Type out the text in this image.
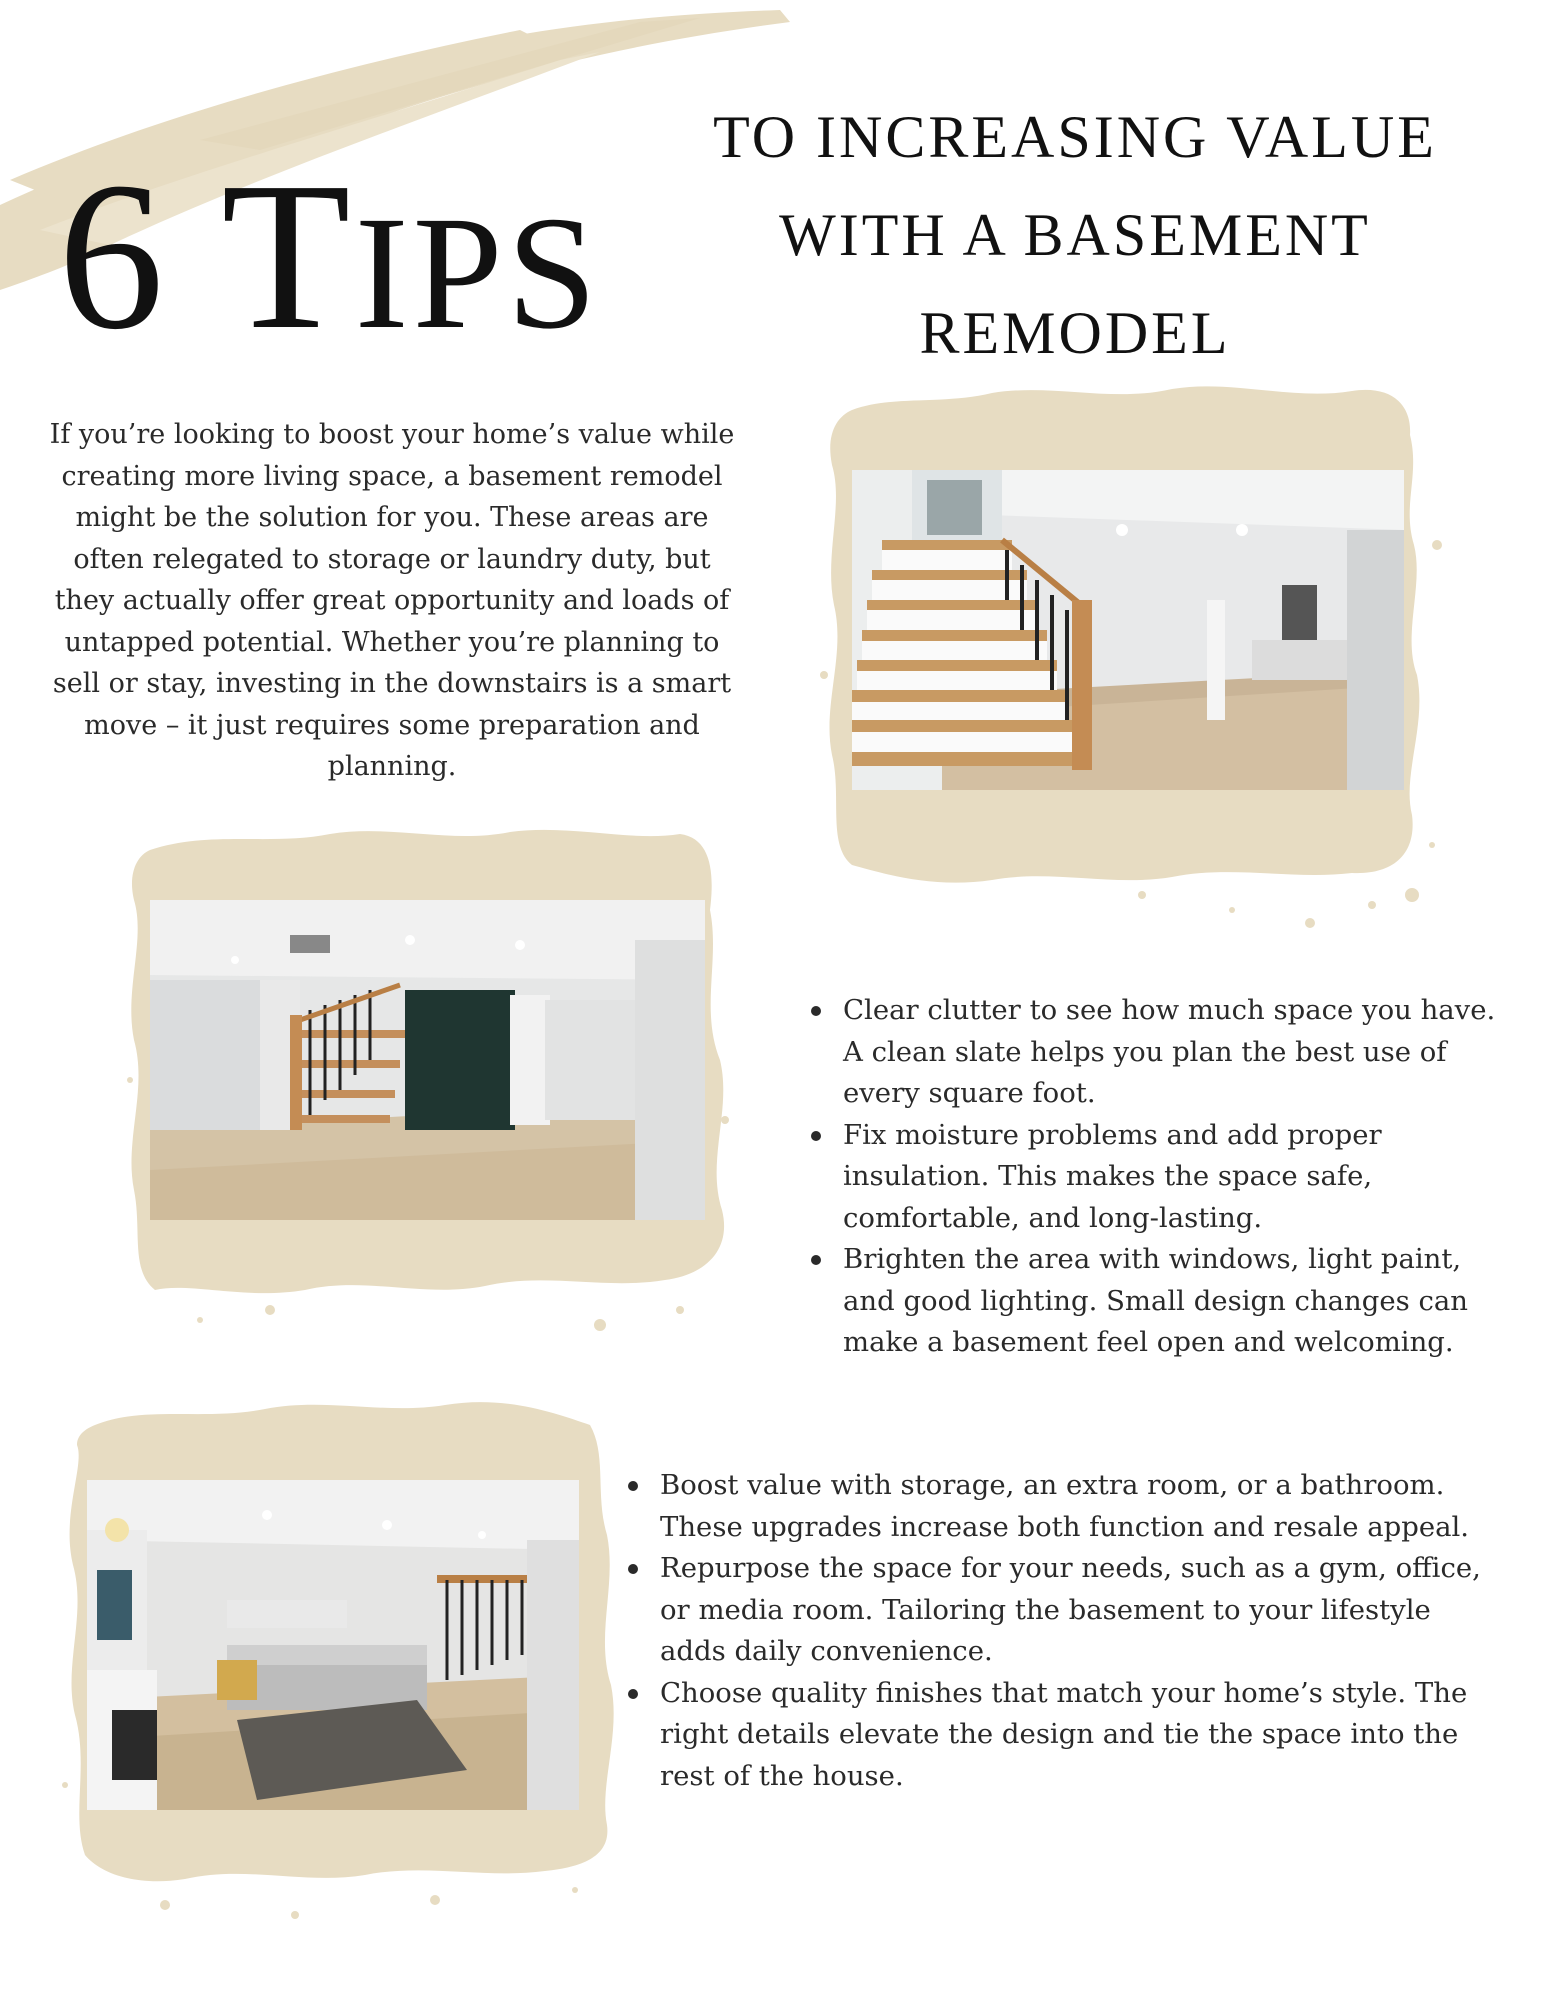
6 TIPS
TO INCREASING VALUE
WITH A BASEMENT
REMODEL
If you’re looking to boost your home’s value while creating more living space, a basement remodel might be the solution for you. These areas are often relegated to storage or laundry duty, but they actually offer great opportunity and loads of untapped potential. Whether you’re planning to sell or stay, investing in the downstairs is a smart move – it just requires some preparation and planning.
Clear clutter to see how much space you have. A clean slate helps you plan the best use of every square foot.
Fix moisture problems and add proper insulation. This makes the space safe, comfortable, and long-lasting.
Brighten the area with windows, light paint, and good lighting. Small design changes can make a basement feel open and welcoming.
Boost value with storage, an extra room, or a bathroom. These upgrades increase both function and resale appeal.
Repurpose the space for your needs, such as a gym, office, or media room. Tailoring the basement to your lifestyle adds daily convenience.
Choose quality finishes that match your home’s style. The right details elevate the design and tie the space into the rest of the house.
